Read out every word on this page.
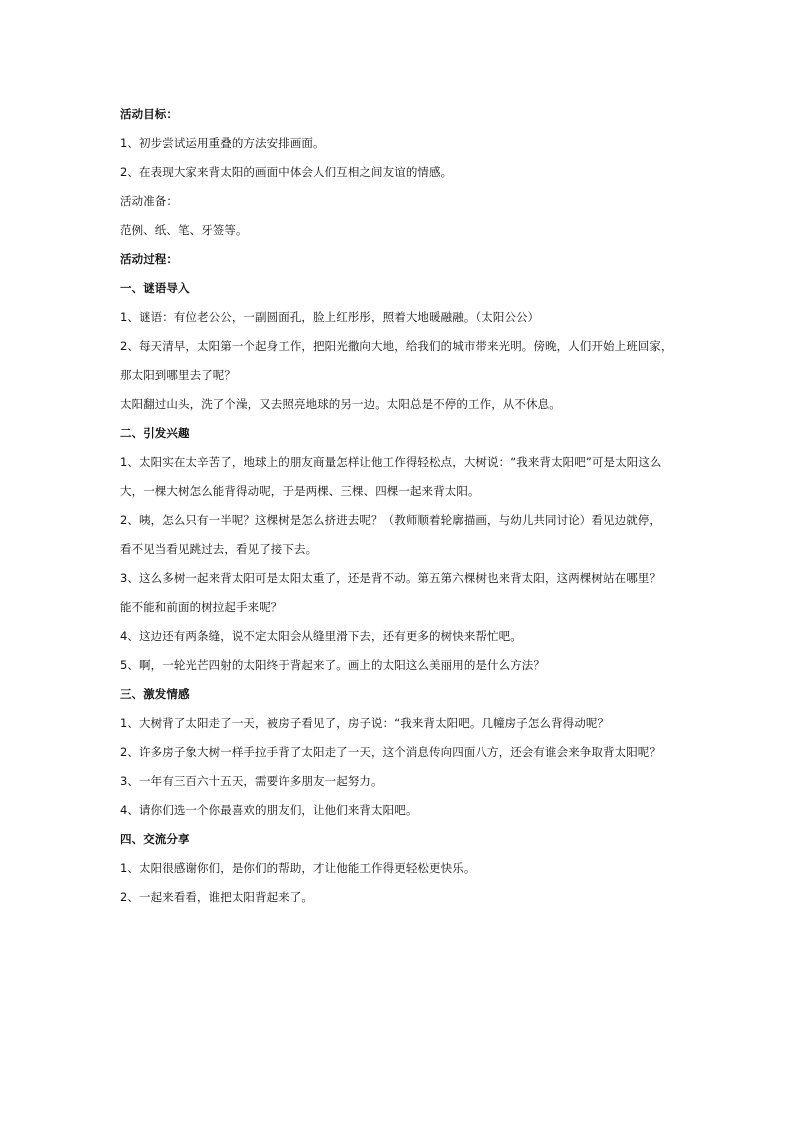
活动目标：
1、初步尝试运用重叠的方法安排画面。
2、在表现大家来背太阳的画面中体会人们互相之间友谊的情感。
活动准备：
范例、纸、笔、牙签等。
活动过程：
一、谜语导入
1、谜语：有位老公公，一副圆面孔，脸上红彤彤，照着大地暖融融。（太阳公公）
2、每天清早，太阳第一个起身工作，把阳光撒向大地，给我们的城市带来光明。傍晚，人们开始上班回家，
那太阳到哪里去了呢？
太阳翻过山头，洗了个澡，又去照亮地球的另一边。太阳总是不停的工作，从不休息。
二、引发兴趣
1、太阳实在太辛苦了，地球上的朋友商量怎样让他工作得轻松点，大树说：“我来背太阳吧”可是太阳这么
大，一棵大树怎么能背得动呢，于是两棵、三棵、四棵一起来背太阳。
2、咦，怎么只有一半呢？这棵树是怎么挤进去呢？（教师顺着轮廓描画，与幼儿共同讨论）看见边就停，
看不见当看见跳过去，看见了接下去。
3、这么多树一起来背太阳可是太阳太重了，还是背不动。第五第六棵树也来背太阳，这两棵树站在哪里？
能不能和前面的树拉起手来呢？
4、这边还有两条缝，说不定太阳会从缝里滑下去，还有更多的树快来帮忙吧。
5、啊，一轮光芒四射的太阳终于背起来了。画上的太阳这么美丽用的是什么方法？
三、激发情感
1、大树背了太阳走了一天，被房子看见了，房子说：“我来背太阳吧。几幢房子怎么背得动呢？
2、许多房子象大树一样手拉手背了太阳走了一天，这个消息传向四面八方，还会有谁会来争取背太阳呢？
3、一年有三百六十五天，需要许多朋友一起努力。
4、请你们选一个你最喜欢的朋友们，让他们来背太阳吧。
四、交流分享
1、太阳很感谢你们，是你们的帮助，才让他能工作得更轻松更快乐。
2、一起来看看，谁把太阳背起来了。
